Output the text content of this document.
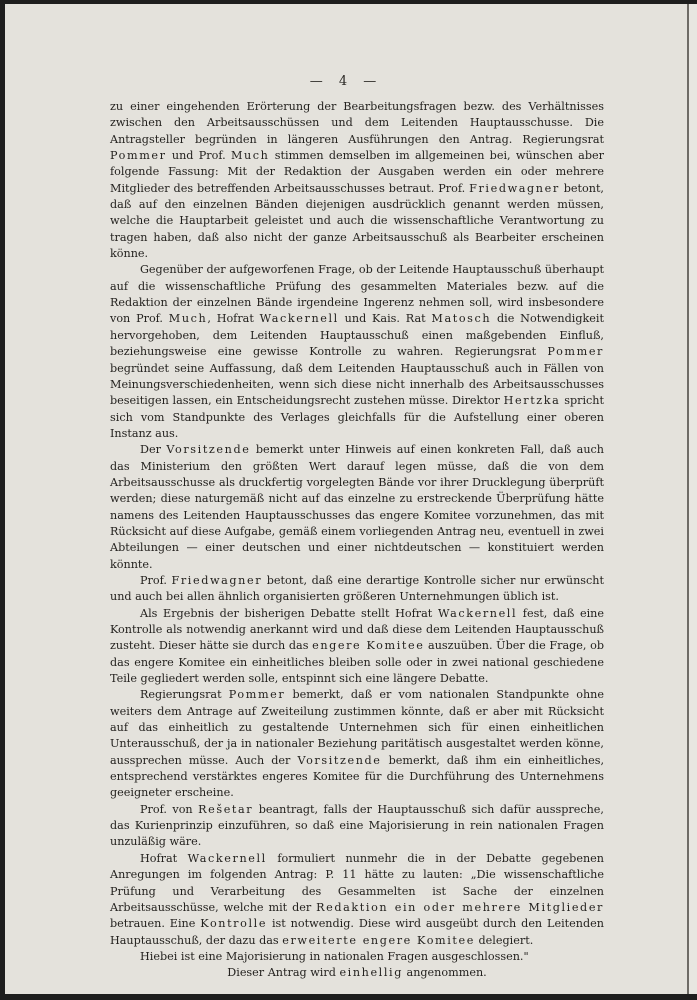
— 4 —

zu einer eingehenden Erörterung der Bearbeitungsfragen bezw. des Verhältnisses zwischen den Arbeitsausschüssen und dem Leitenden Hauptausschusse. Die Antragsteller begründen in längeren Ausführungen den Antrag. Regierungsrat Pommer und Prof. Much stimmen demselben im allgemeinen bei, wünschen aber folgende Fassung: Mit der Redaktion der Ausgaben werden ein oder mehrere Mitglieder des betreffenden Arbeitsausschusses betraut. Prof. Friedwagner betont, daß auf den einzelnen Bänden diejenigen ausdrücklich genannt werden müssen, welche die Hauptarbeit geleistet und auch die wissenschaftliche Verantwortung zu tragen haben, daß also nicht der ganze Arbeitsausschuß als Bearbeiter erscheinen könne.

Gegenüber der aufgeworfenen Frage, ob der Leitende Hauptausschuß überhaupt auf die wissenschaftliche Prüfung des gesammelten Materiales bezw. auf die Redaktion der einzelnen Bände irgendeine Ingerenz nehmen soll, wird insbesondere von Prof. Much, Hofrat Wackernell und Kais. Rat Matosch die Notwendigkeit hervorgehoben, dem Leitenden Hauptausschuß einen maßgebenden Einfluß, beziehungsweise eine gewisse Kontrolle zu wahren. Regierungsrat Pommer begründet seine Auffassung, daß dem Leitenden Hauptausschuß auch in Fällen von Meinungsverschiedenheiten, wenn sich diese nicht innerhalb des Arbeitsausschusses beseitigen lassen, ein Entscheidungsrecht zustehen müsse. Direktor Hertzka spricht sich vom Standpunkte des Verlages gleichfalls für die Aufstellung einer oberen Instanz aus.

Der Vorsitzende bemerkt unter Hinweis auf einen konkreten Fall, daß auch das Ministerium den größten Wert darauf legen müsse, daß die von dem Arbeitsausschusse als druckfertig vorgelegten Bände vor ihrer Drucklegung überprüft werden; diese naturgemäß nicht auf das einzelne zu erstreckende Überprüfung hätte namens des Leitenden Hauptausschusses das engere Komitee vorzunehmen, das mit Rücksicht auf diese Aufgabe, gemäß einem vorliegenden Antrag neu, eventuell in zwei Abteilungen — einer deutschen und einer nichtdeutschen — konstituiert werden könnte.

Prof. Friedwagner betont, daß eine derartige Kontrolle sicher nur erwünscht und auch bei allen ähnlich organisierten größeren Unternehmungen üblich ist.

Als Ergebnis der bisherigen Debatte stellt Hofrat Wackernell fest, daß eine Kontrolle als notwendig anerkannt wird und daß diese dem Leitenden Hauptausschuß zusteht. Dieser hätte sie durch das engere Komitee auszuüben. Über die Frage, ob das engere Komitee ein einheitliches bleiben solle oder in zwei national geschiedene Teile gegliedert werden solle, entspinnt sich eine längere Debatte.

Regierungsrat Pommer bemerkt, daß er vom nationalen Standpunkte ohne weiters dem Antrage auf Zweiteilung zustimmen könnte, daß er aber mit Rücksicht auf das einheitlich zu gestaltende Unternehmen sich für einen einheitlichen Unterausschuß, der ja in nationaler Beziehung paritätisch ausgestaltet werden könne, aussprechen müsse. Auch der Vorsitzende bemerkt, daß ihm ein einheitliches, entsprechend verstärktes engeres Komitee für die Durchführung des Unternehmens geeigneter erscheine.

Prof. von Rešetar beantragt, falls der Hauptausschuß sich dafür ausspreche, das Kurienprinzip einzuführen, so daß eine Majorisierung in rein nationalen Fragen unzuläßig wäre.

Hofrat Wackernell formuliert nunmehr die in der Debatte gegebenen Anregungen im folgenden Antrag: P. 11 hätte zu lauten: „Die wissenschaftliche Prüfung und Verarbeitung des Gesammelten ist Sache der einzelnen Arbeitsausschüsse, welche mit der Redaktion ein oder mehrere Mitglieder betrauen. Eine Kontrolle ist notwendig. Diese wird ausgeübt durch den Leitenden Hauptausschuß, der dazu das erweiterte engere Komitee delegiert.

Hiebei ist eine Majorisierung in nationalen Fragen ausgeschlossen."

Dieser Antrag wird einhellig angenommen.
